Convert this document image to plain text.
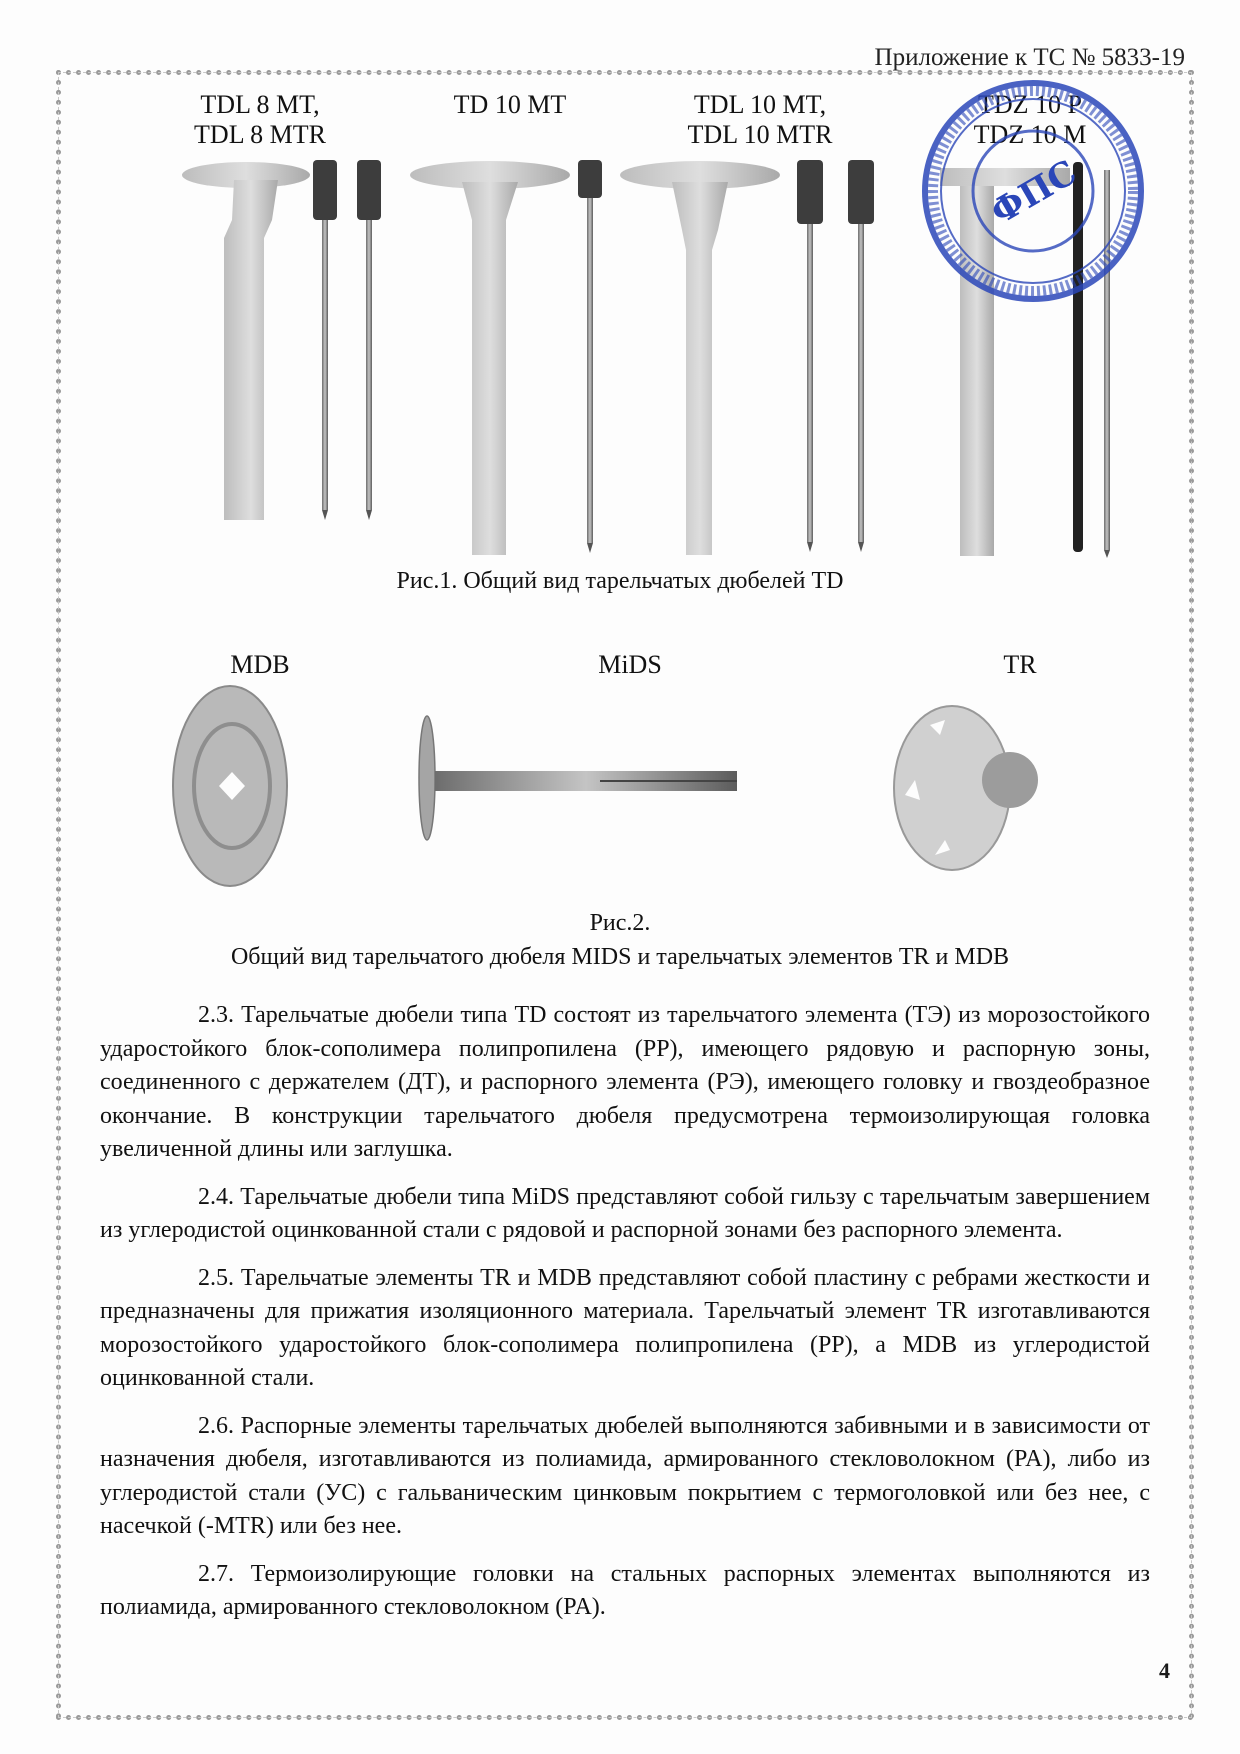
Приложение к ТС № 5833-19
TDL 8 MT,
TDL 8 MTR
TD 10 MT	TDL 10 MT,
TDL 10 MTR
TDZ 10 P
TDZ 10 M
ФПС
Рис.1. Общий вид тарельчатых дюбелей TD
MDB	MiDS	TR
Рис.2.
Общий вид тарельчатого дюбеля MIDS и тарельчатых элементов TR и MDB

2.3. Тарельчатые дюбели типа TD состоят из тарельчатого элемента (ТЭ) из морозостойкого ударостойкого блок-сополимера полипропилена (PP), имеющего рядовую и распорную зоны, соединенного с держателем (ДТ), и распорного элемента (РЭ), имеющего головку и гвоздеобразное окончание. В конструкции тарельчатого дюбеля предусмотрена термоизолирующая головка увеличенной длины или заглушка.

2.4. Тарельчатые дюбели типа MiDS представляют собой гильзу с тарельчатым завершением из углеродистой оцинкованной стали с рядовой и распорной зонами без распорного элемента.

2.5. Тарельчатые элементы TR и MDB представляют собой пластину с ребрами жесткости и предназначены для прижатия изоляционного материала. Тарельчатый элемент TR изготавливаются морозостойкого ударостойкого блок-сополимера полипропилена (PP), а MDB из углеродистой оцинкованной стали.

2.6. Распорные элементы тарельчатых дюбелей выполняются забивными и в зависимости от назначения дюбеля, изготавливаются из полиамида, армированного стекловолокном (PA), либо из углеродистой стали (УС) с гальваническим цинковым покрытием с термоголовкой или без нее, с насечкой (-MTR) или без нее.

2.7. Термоизолирующие головки на стальных распорных элементах выполняются из полиамида, армированного стекловолокном (PA).

4
